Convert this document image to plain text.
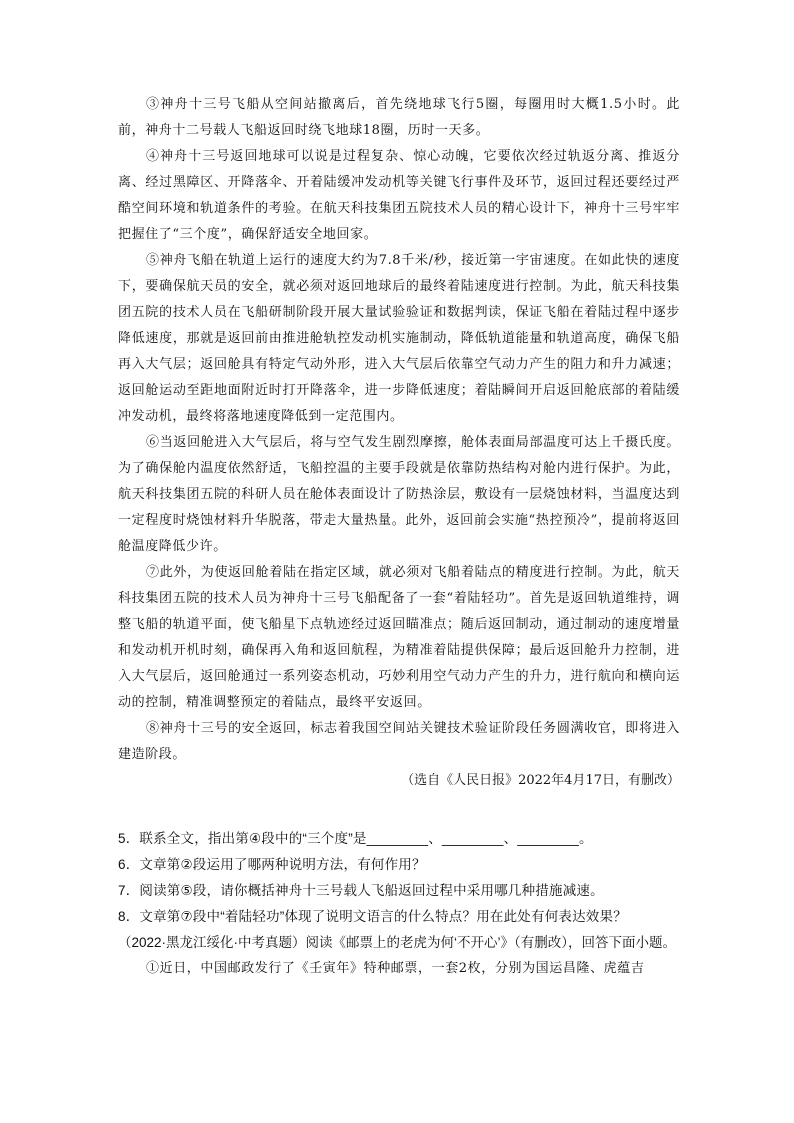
③神舟十三号飞船从空间站撤离后，首先绕地球飞行5圈，每圈用时大概1.5小时。此前，神舟十二号载人飞船返回时绕飞地球18圈，历时一天多。

④神舟十三号返回地球可以说是过程复杂、惊心动魄，它要依次经过轨返分离、推返分离、经过黑障区、开降落伞、开着陆缓冲发动机等关键飞行事件及环节，返回过程还要经过严酷空间环境和轨道条件的考验。在航天科技集团五院技术人员的精心设计下，神舟十三号牢牢把握住了“三个度”，确保舒适安全地回家。

⑤神舟飞船在轨道上运行的速度大约为7.8千米/秒，接近第一宇宙速度。在如此快的速度下，要确保航天员的安全，就必须对返回地球后的最终着陆速度进行控制。为此，航天科技集团五院的技术人员在飞船研制阶段开展大量试验验证和数据判读，保证飞船在着陆过程中逐步降低速度，那就是返回前由推进舱轨控发动机实施制动，降低轨道能量和轨道高度，确保飞船再入大气层；返回舱具有特定气动外形，进入大气层后依靠空气动力产生的阻力和升力减速；返回舱运动至距地面附近时打开降落伞，进一步降低速度；着陆瞬间开启返回舱底部的着陆缓冲发动机，最终将落地速度降低到一定范围内。

⑥当返回舱进入大气层后，将与空气发生剧烈摩擦，舱体表面局部温度可达上千摄氏度。为了确保舱内温度依然舒适，飞船控温的主要手段就是依靠防热结构对舱内进行保护。为此，航天科技集团五院的科研人员在舱体表面设计了防热涂层，敷设有一层烧蚀材料，当温度达到一定程度时烧蚀材料升华脱落，带走大量热量。此外，返回前会实施“热控预冷”，提前将返回舱温度降低少许。

⑦此外，为使返回舱着陆在指定区域，就必须对飞船着陆点的精度进行控制。为此，航天科技集团五院的技术人员为神舟十三号飞船配备了一套“着陆轻功”。首先是返回轨道维持，调整飞船的轨道平面，使飞船星下点轨迹经过返回瞄准点；随后返回制动，通过制动的速度增量和发动机开机时刻，确保再入角和返回航程，为精准着陆提供保障；最后返回舱升力控制，进入大气层后，返回舱通过一系列姿态机动，巧妙利用空气动力产生的升力，进行航向和横向运动的控制，精准调整预定的着陆点，最终平安返回。

⑧神舟十三号的安全返回，标志着我国空间站关键技术验证阶段任务圆满收官，即将进入建造阶段。

（选自《人民日报》2022年4月17日，有删改）

5．联系全文，指出第④段中的“三个度”是________、________、________。

6．文章第②段运用了哪两种说明方法，有何作用？

7．阅读第⑤段，请你概括神舟十三号载人飞船返回过程中采用哪几种措施减速。

8．文章第⑦段中“着陆轻功”体现了说明文语言的什么特点？用在此处有何表达效果？

（2022·黑龙江绥化·中考真题）阅读《邮票上的老虎为何‘不开心’》（有删改），回答下面小题。

①近日，中国邮政发行了《壬寅年》特种邮票，一套2枚，分别为国运昌隆、虎蕴吉
